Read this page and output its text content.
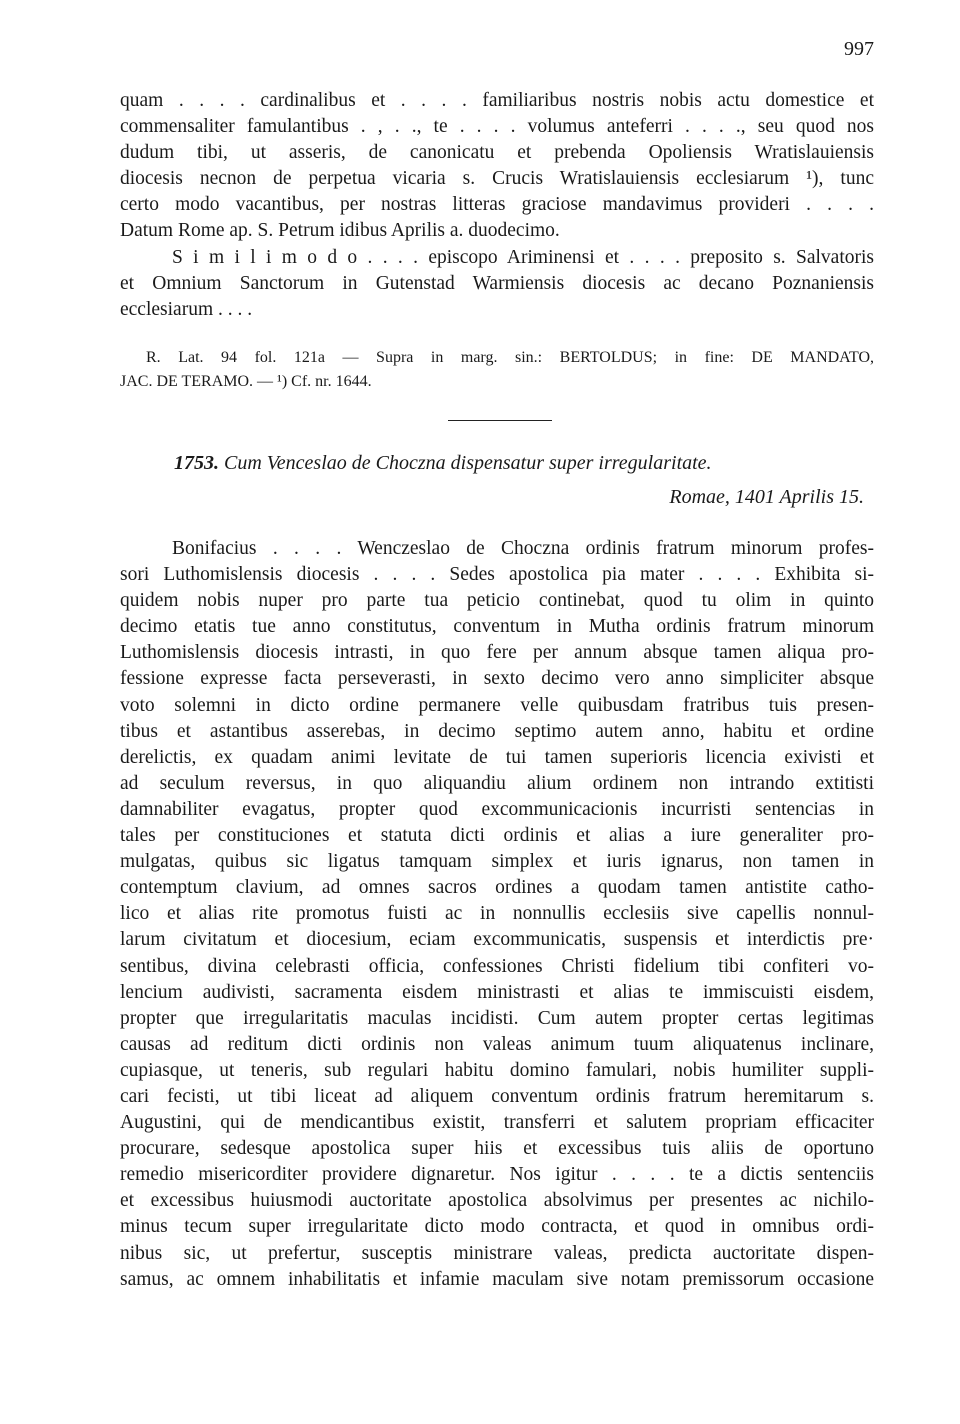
997
quam . . . . cardinalibus et . . . . familiaribus nostris nobis actu domestice et
commensaliter famulantibus . , . ., te . . . . volumus anteferri . . . ., seu quod nos
dudum tibi, ut asseris, de canonicatu et prebenda Opoliensis Wratislauiensis
diocesis necnon de perpetua vicaria s. Crucis Wratislauiensis ecclesiarum ¹), tunc
certo modo vacantibus, per nostras litteras graciose mandavimus provideri . . . .
Datum Rome ap. S. Petrum idibus Aprilis a. duodecimo.
S i m i l i m o d o . . . . episcopo Ariminensi et . . . . preposito s. Salvatoris
et Omnium Sanctorum in Gutenstad Warmiensis diocesis ac decano Poznaniensis
ecclesiarum . . . .
R. Lat. 94 fol. 121a — Supra in marg. sin.: BERTOLDUS; in fine: DE MANDATO,
JAC. DE TERAMO. — ¹) Cf. nr. 1644.
1753. Cum Venceslao de Choczna dispensatur super irregularitate.
Romae, 1401 Aprilis 15.
Bonifacius . . . . Wenczeslao de Choczna ordinis fratrum minorum profes-
sori Luthomislensis diocesis . . . . Sedes apostolica pia mater . . . . Exhibita si-
quidem nobis nuper pro parte tua peticio continebat, quod tu olim in quinto
decimo etatis tue anno constitutus, conventum in Mutha ordinis fratrum minorum
Luthomislensis diocesis intrasti, in quo fere per annum absque tamen aliqua pro-
fessione expresse facta perseverasti, in sexto decimo vero anno simpliciter absque
voto solemni in dicto ordine permanere velle quibusdam fratribus tuis presen-
tibus et astantibus asserebas, in decimo septimo autem anno, habitu et ordine
derelictis, ex quadam animi levitate de tui tamen superioris licencia exivisti et
ad seculum reversus, in quo aliquandiu alium ordinem non intrando extitisti
damnabiliter evagatus, propter quod excommunicacionis incurristi sentencias in
tales per constituciones et statuta dicti ordinis et alias a iure generaliter pro-
mulgatas, quibus sic ligatus tamquam simplex et iuris ignarus, non tamen in
contemptum clavium, ad omnes sacros ordines a quodam tamen antistite catho-
lico et alias rite promotus fuisti ac in nonnullis ecclesiis sive capellis nonnul-
larum civitatum et diocesium, eciam excommunicatis, suspensis et interdictis pre·
sentibus, divina celebrasti officia, confessiones Christi fidelium tibi confiteri vo-
lencium audivisti, sacramenta eisdem ministrasti et alias te immiscuisti eisdem,
propter que irregularitatis maculas incidisti. Cum autem propter certas legitimas
causas ad reditum dicti ordinis non valeas animum tuum aliquatenus inclinare,
cupiasque, ut teneris, sub regulari habitu domino famulari, nobis humiliter suppli-
cari fecisti, ut tibi liceat ad aliquem conventum ordinis fratrum heremitarum s.
Augustini, qui de mendicantibus existit, transferri et salutem propriam efficaciter
procurare, sedesque apostolica super hiis et excessibus tuis aliis de oportuno
remedio misericorditer providere dignaretur. Nos igitur . . . . te a dictis sentenciis
et excessibus huiusmodi auctoritate apostolica absolvimus per presentes ac nichilo-
minus tecum super irregularitate dicto modo contracta, et quod in omnibus ordi-
nibus sic, ut prefertur, susceptis ministrare valeas, predicta auctoritate dispen-
samus, ac omnem inhabilitatis et infamie maculam sive notam premissorum occasione
